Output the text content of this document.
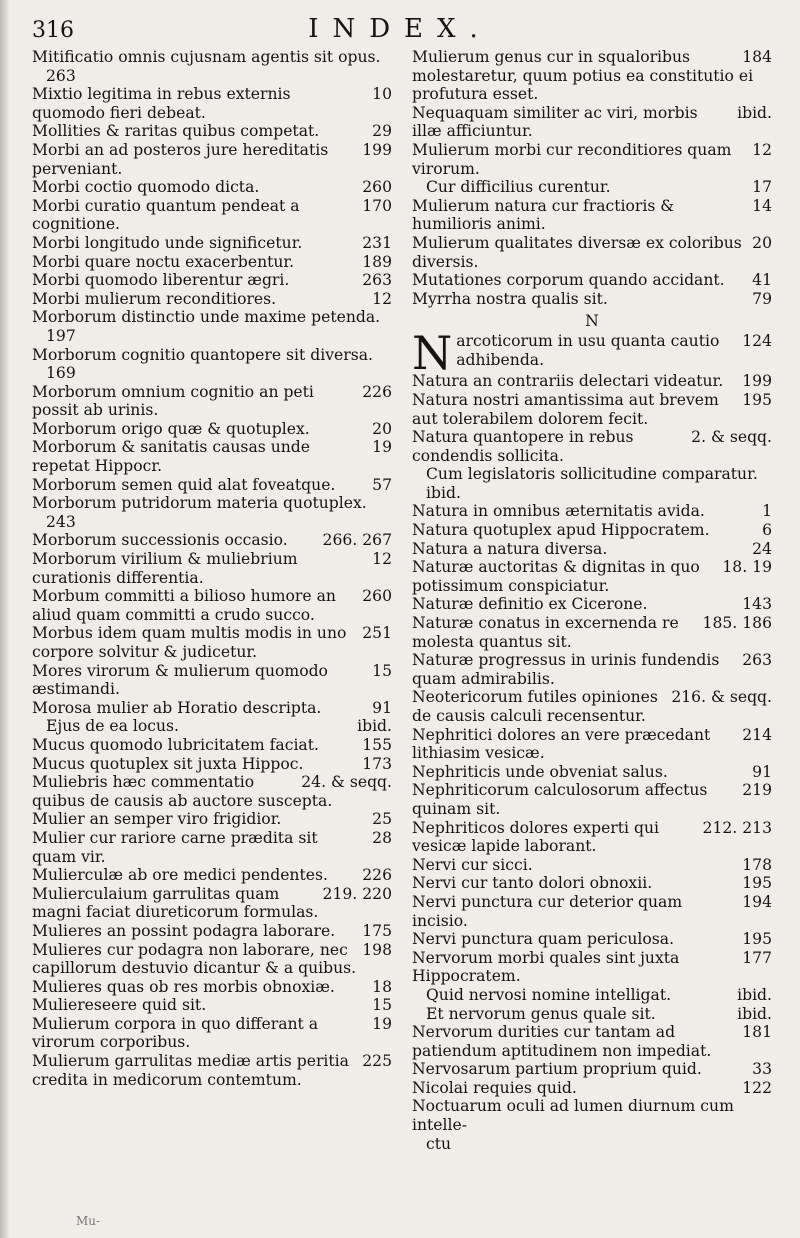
316	INDEX.
Mitificatio omnis cujusnam agentis sit opus.
263
10
Mixtio legitima in rebus externis quomodo fieri debeat.
29
Mollities & raritas quibus competat.
199
Morbi an ad posteros jure hereditatis perveniant.
260
Morbi coctio quomodo dicta.
170
Morbi curatio quantum pendeat a cognitione.
231
Morbi longitudo unde significetur.
189
Morbi quare noctu exacerbentur.
263
Morbi quomodo liberentur ægri.
12
Morbi mulierum reconditiores.
Morborum distinctio unde maxime petenda.
197
Morborum cognitio quantopere sit diversa.
169
226
Morborum omnium cognitio an peti possit ab urinis.
20
Morborum origo quæ & quotuplex.
19
Morborum & sanitatis causas unde repetat Hippocr.
57
Morborum semen quid alat foveatque.
Morborum putridorum materia quotuplex.
243
266. 267
Morborum successionis occasio.
12
Morborum virilium & muliebrium curationis differentia.
260
Morbum committi a bilioso humore an aliud quam committi a crudo succo.
251
Morbus idem quam multis modis in uno corpore solvitur & judicetur.
15
Mores virorum & mulierum quomodo æstimandi.
91
Morosa mulier ab Horatio descripta.
ibid.
Ejus de ea locus.
155
Mucus quomodo lubricitatem faciat.
173
Mucus quotuplex sit juxta Hippoc.
24. & seqq.
Muliebris hæc commentatio quibus de causis ab auctore suscepta.
25
Mulier an semper viro frigidior.
28
Mulier cur rariore carne prædita sit quam vir.
226
Mulierculæ ab ore medici pendentes.
219. 220
Mulierculaium garrulitas quam magni faciat diureticorum formulas.
175
Mulieres an possint podagra laborare.
198
Mulieres cur podagra non laborare, nec capillorum destuvio dicantur & a quibus.
18
Mulieres quas ob res morbis obnoxiæ.
15
Muliereseere quid sit.
19
Mulierum corpora in quo differant a virorum corporibus.
225
Mulierum garrulitas mediæ artis peritia credita in medicorum contemtum.
184
Mulierum genus cur in squaloribus molestaretur, quum potius ea constitutio ei profutura esset.
ibid.
Nequaquam similiter ac viri, morbis illæ afficiuntur.
12
Mulierum morbi cur reconditiores quam virorum.
17
Cur difficilius curentur.
14
Mulierum natura cur fractioris & humilioris animi.
20
Mulierum qualitates diversæ ex coloribus diversis.
41
Mutationes corporum quando accidant.
79
Myrrha nostra qualis sit.
N
N	124
arcoticorum in usu quanta cautio adhibenda.
199
Natura an contrariis delectari videatur.
195
Natura nostri amantissima aut brevem aut tolerabilem dolorem fecit.
2. & seqq.
Natura quantopere in rebus condendis sollicita.
Cum legislatoris sollicitudine comparatur. ibid.
1
Natura in omnibus æternitatis avida.
6
Natura quotuplex apud Hippocratem.
24
Natura a natura diversa.
18. 19
Naturæ auctoritas & dignitas in quo potissimum conspiciatur.
143
Naturæ definitio ex Cicerone.
185. 186
Naturæ conatus in excernenda re molesta quantus sit.
263
Naturæ progressus in urinis fundendis quam admirabilis.
216. & seqq.
Neotericorum futiles opiniones de causis calculi recensentur.
214
Nephritici dolores an vere præcedant lithiasim vesicæ.
91
Nephriticis unde obveniat salus.
219
Nephriticorum calculosorum affectus quinam sit.
212. 213
Nephriticos dolores experti qui vesicæ lapide laborant.
178
Nervi cur sicci.
195
Nervi cur tanto dolori obnoxii.
194
Nervi punctura cur deterior quam incisio.
195
Nervi punctura quam periculosa.
177
Nervorum morbi quales sint juxta Hippocratem.
ibid.
Quid nervosi nomine intelligat.
ibid.
Et nervorum genus quale sit.
181
Nervorum durities cur tantam ad patiendum aptitudinem non impediat.
33
Nervosarum partium proprium quid.
122
Nicolai requies quid.
Noctuarum oculi ad lumen diurnum cum intelle-
ctu
Mu-
